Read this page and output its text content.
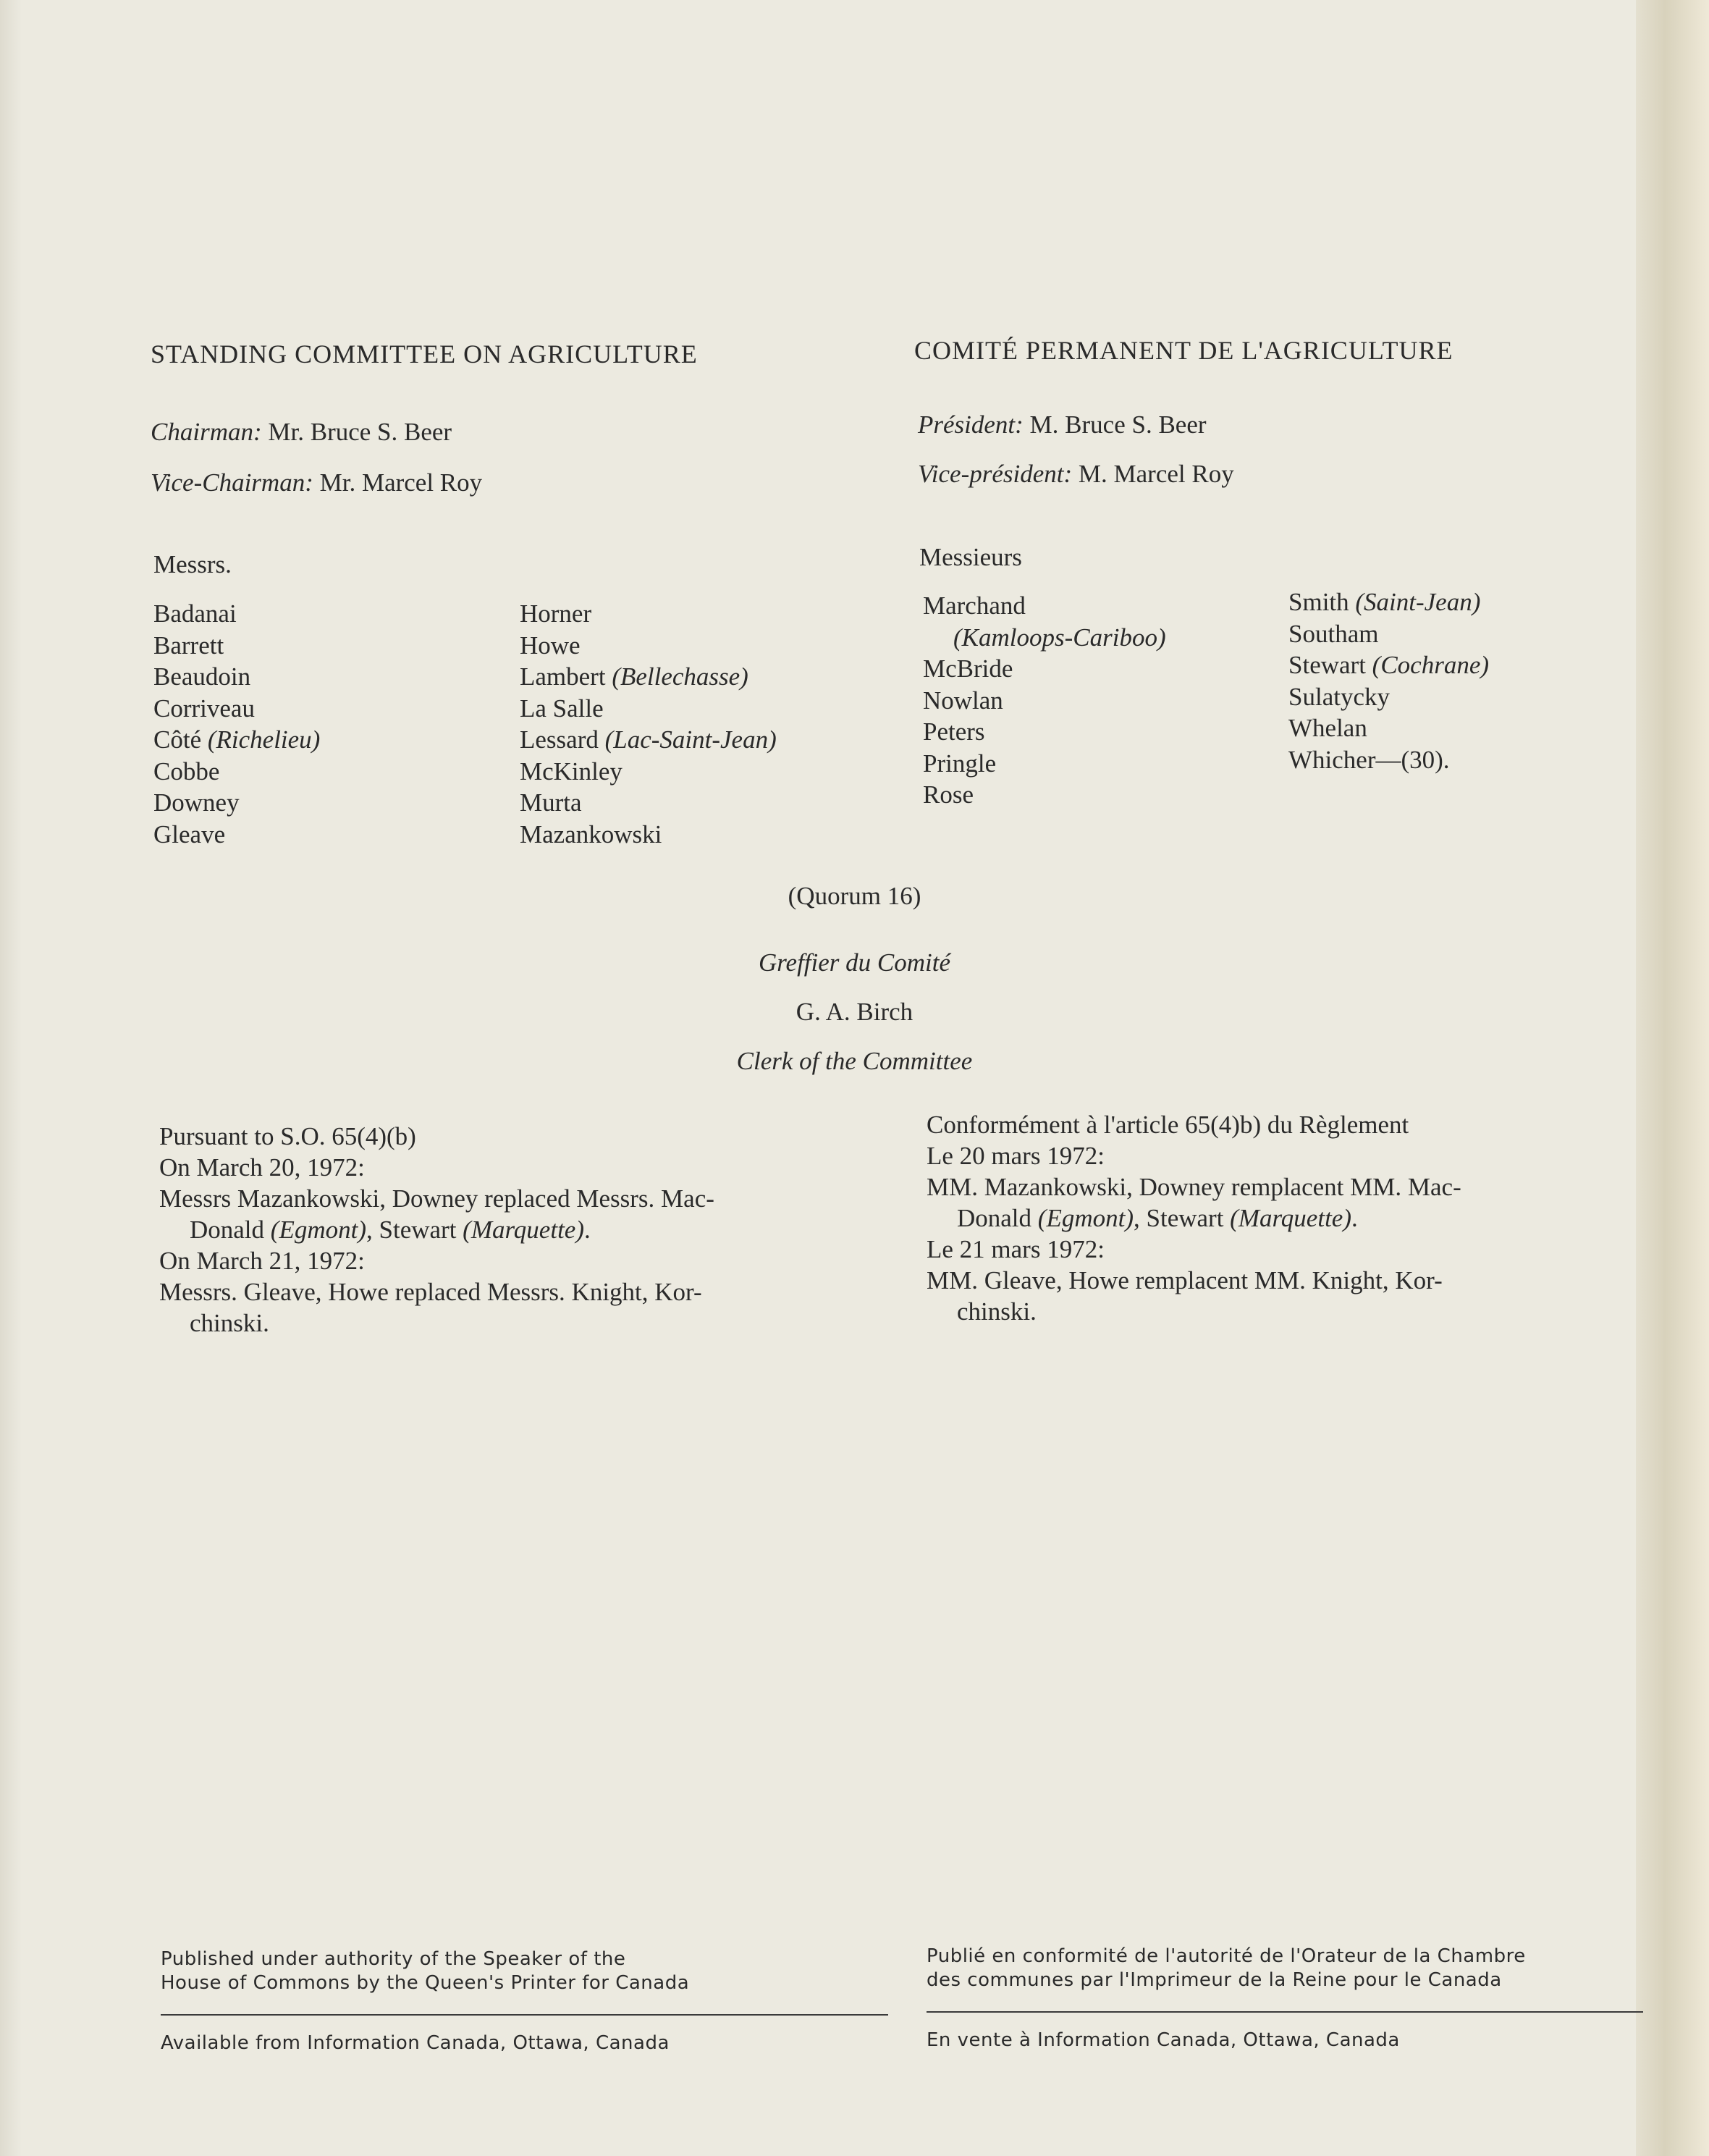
STANDING COMMITTEE ON AGRICULTURE
Chairman: Mr. Bruce S. Beer
Vice-Chairman: Mr. Marcel Roy
COMITÉ PERMANENT DE L'AGRICULTURE
Président: M. Bruce S. Beer
Vice-président: M. Marcel Roy
Messrs.	Messieurs
Badanai
Barrett
Beaudoin
Corriveau
Côté (Richelieu)
Cobbe
Downey
Gleave
Horner
Howe
Lambert (Bellechasse)
La Salle
Lessard (Lac-Saint-Jean)
McKinley
Murta
Mazankowski
Marchand
(Kamloops-Cariboo)
McBride
Nowlan
Peters
Pringle
Rose
Smith (Saint-Jean)
Southam
Stewart (Cochrane)
Sulatycky
Whelan
Whicher—(30).
(Quorum 16)
Greffier du Comité
G. A. Birch
Clerk of the Committee
Pursuant to S.O. 65(4)(b)
On March 20, 1972:
Messrs Mazankowski, Downey replaced Messrs. Mac-
Donald (Egmont), Stewart (Marquette).
On March 21, 1972:
Messrs. Gleave, Howe replaced Messrs. Knight, Kor-
chinski.
Conformément à l'article 65(4)b) du Règlement
Le 20 mars 1972:
MM. Mazankowski, Downey remplacent MM. Mac-
Donald (Egmont), Stewart (Marquette).
Le 21 mars 1972:
MM. Gleave, Howe remplacent MM. Knight, Kor-
chinski.
Published under authority of the Speaker of the
House of Commons by the Queen's Printer for Canada
Available from Information Canada, Ottawa, Canada
Publié en conformité de l'autorité de l'Orateur de la Chambre
des communes par l'Imprimeur de la Reine pour le Canada
En vente à Information Canada, Ottawa, Canada
